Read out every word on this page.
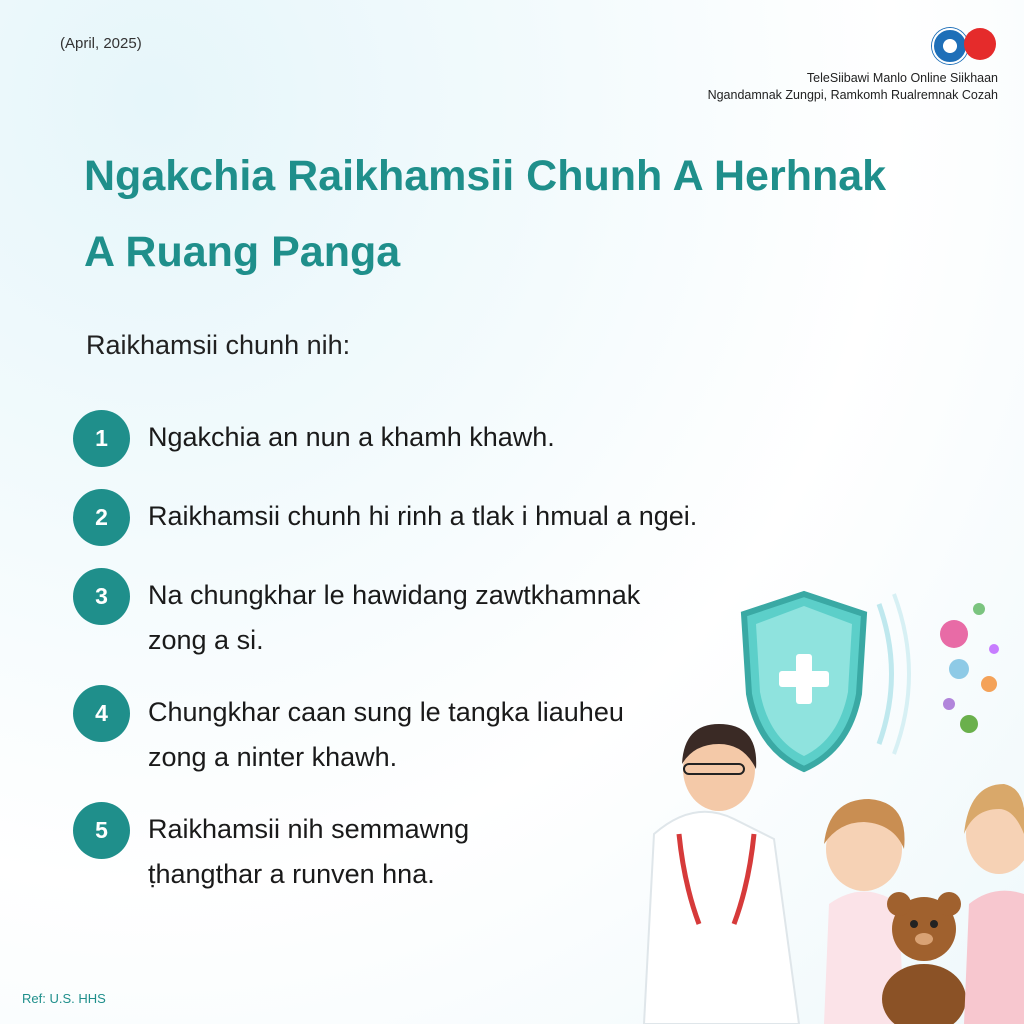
(April, 2025)
TeleSiibawi Manlo Online Siikhaan
Ngandamnak Zungpi, Ramkomh Rualremnak Cozah
Ngakchia Raikhamsii Chunh A Herhnak
A Ruang Panga
Raikhamsii chunh nih:
1	Ngakchia an nun a khamh khawh.
2	Raikhamsii chunh hi rinh a tlak i hmual a ngei.
3	Na chungkhar le hawidang zawtkhamnak
zong a si.
4	Chungkhar caan sung le tangka liauheu
zong a ninter khawh.
5	Raikhamsii nih semmawng
ṭhangthar a runven hna.
Ref: U.S. HHS
